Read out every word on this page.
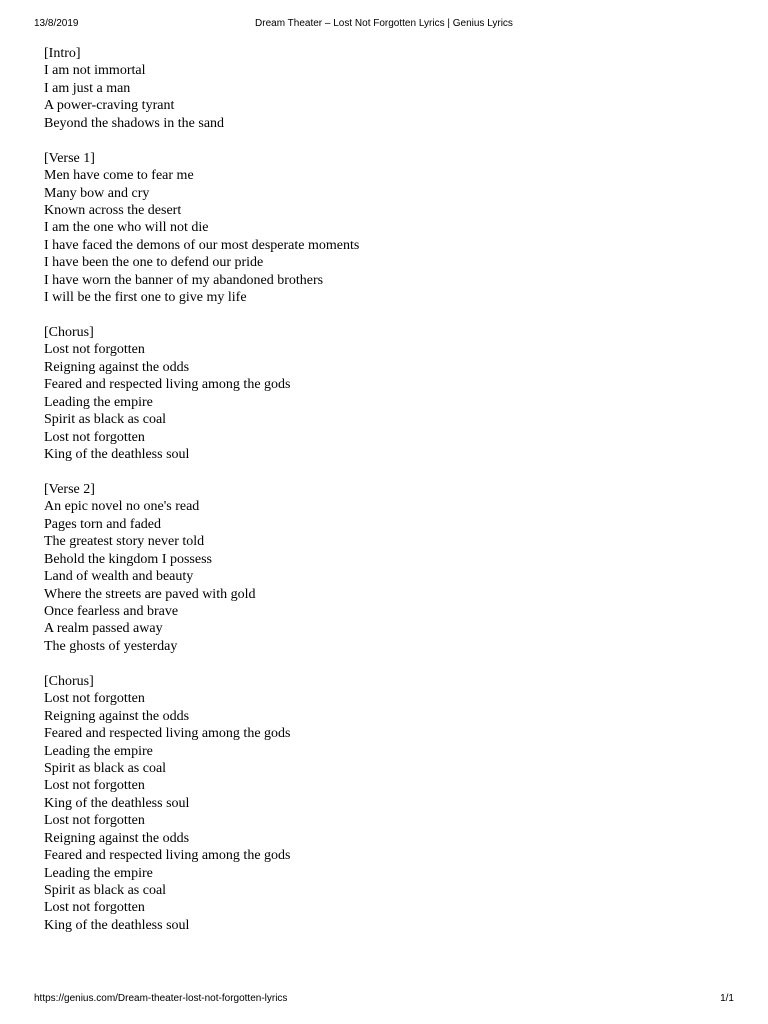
13/8/2019	Dream Theater – Lost Not Forgotten Lyrics | Genius Lyrics
[Intro]
I am not immortal
I am just a man
A power-craving tyrant
Beyond the shadows in the sand
[Verse 1]
Men have come to fear me
Many bow and cry
Known across the desert
I am the one who will not die
I have faced the demons of our most desperate moments
I have been the one to defend our pride
I have worn the banner of my abandoned brothers
I will be the first one to give my life
[Chorus]
Lost not forgotten
Reigning against the odds
Feared and respected living among the gods
Leading the empire
Spirit as black as coal
Lost not forgotten
King of the deathless soul
[Verse 2]
An epic novel no one's read
Pages torn and faded
The greatest story never told
Behold the kingdom I possess
Land of wealth and beauty
Where the streets are paved with gold
Once fearless and brave
A realm passed away
The ghosts of yesterday
[Chorus]
Lost not forgotten
Reigning against the odds
Feared and respected living among the gods
Leading the empire
Spirit as black as coal
Lost not forgotten
King of the deathless soul
Lost not forgotten
Reigning against the odds
Feared and respected living among the gods
Leading the empire
Spirit as black as coal
Lost not forgotten
King of the deathless soul
https://genius.com/Dream-theater-lost-not-forgotten-lyrics	1/1
